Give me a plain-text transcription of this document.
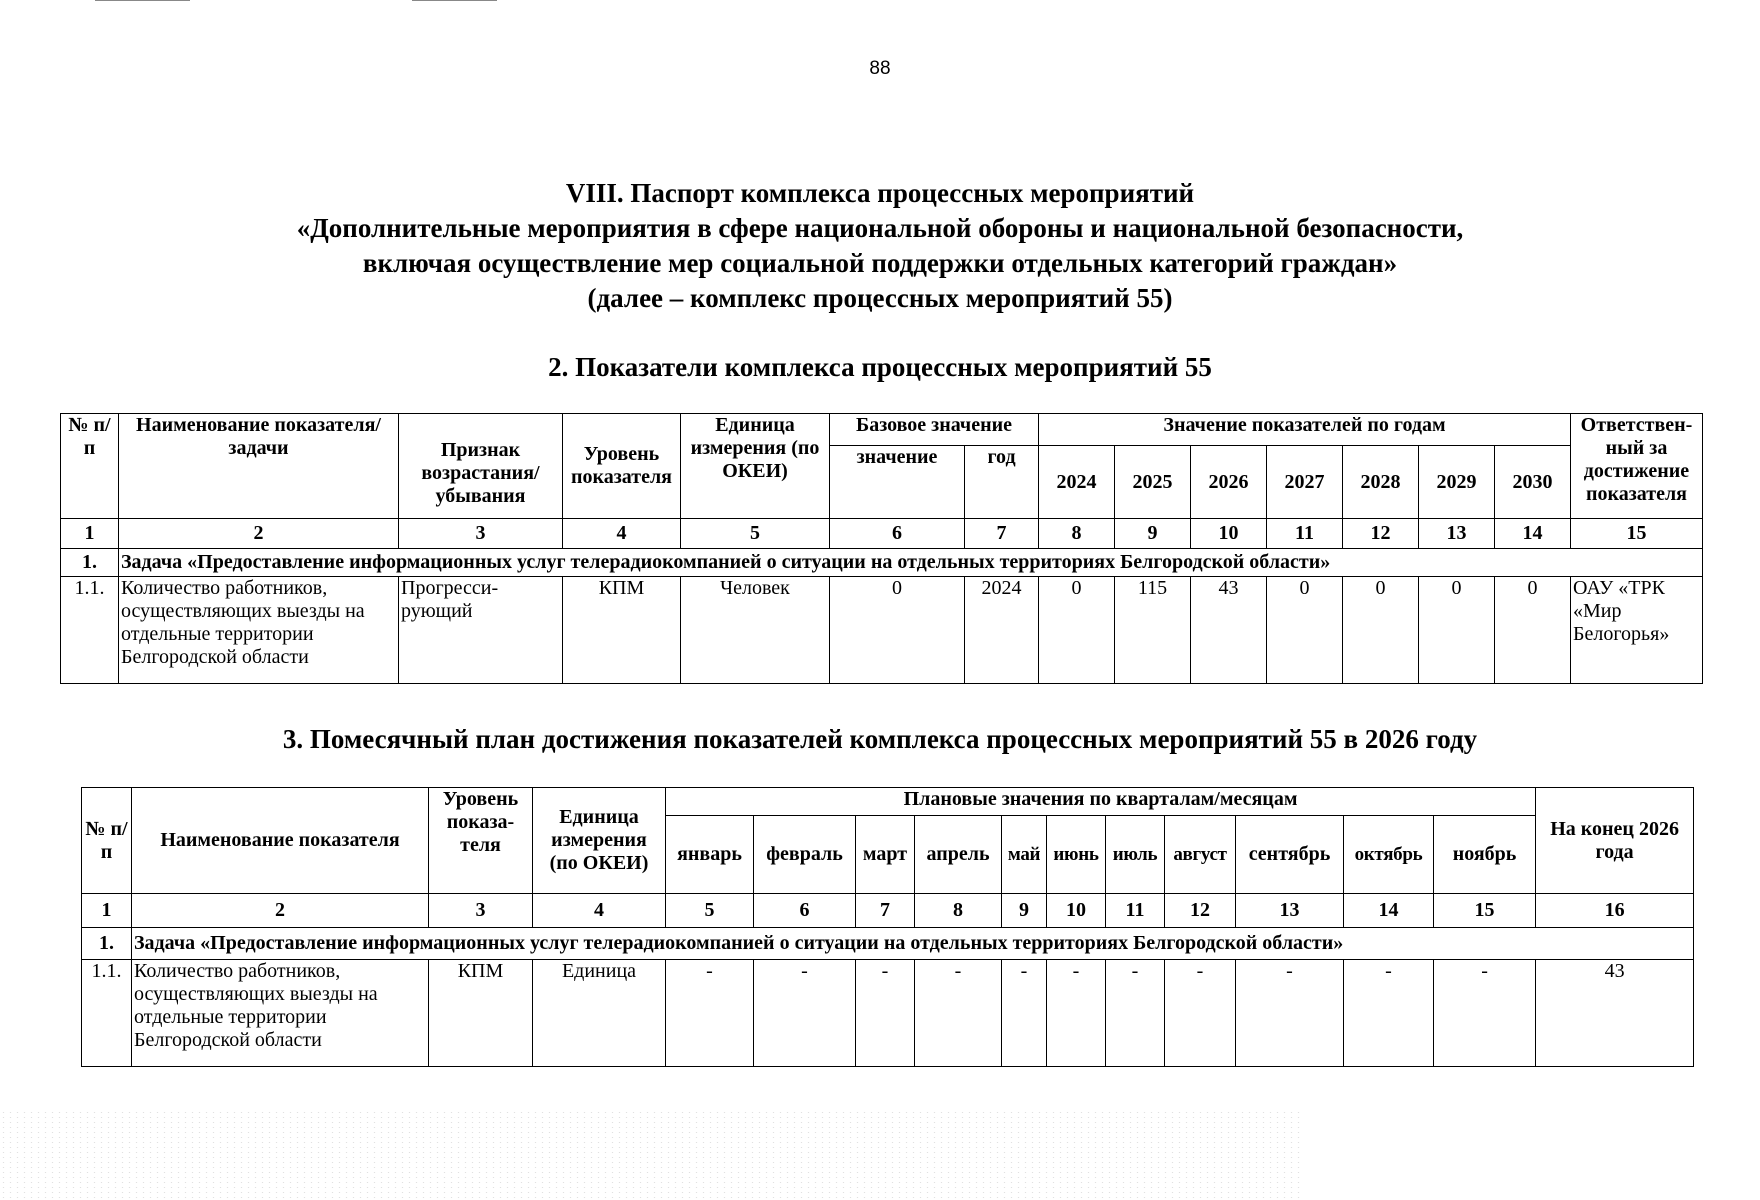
88
VIII. Паспорт комплекса процессных мероприятий
«Дополнительные мероприятия в сфере национальной обороны и национальной безопасности,
включая осуществление мер социальной поддержки отдельных категорий граждан»
(далее – комплекс процессных мероприятий 55)
2. Показатели комплекса процессных мероприятий 55
№ п/п	Наименование показателя/задачи	Признак возрастания/ убывания	Уровень показателя	Единица измерения (по ОКЕИ)	Базовое значение		Значение показателей по годам							Ответствен-ный за достижение показателя
					значение	год	2024	2025	2026	2027	2028	2029	2030	
1	2	3	4	5	6	7	8	9	10	11	12	13	14	15
1.	Задача «Предоставление информационных услуг телерадиокомпанией о ситуации на отдельных территориях Белгородской области»													
1.1.	Количество работников, осуществляющих выезды на отдельные территории Белгородской области	Прогресси-рующий	КПМ	Человек	0	2024	0	115	43	0	0	0	0	ОАУ «ТРК «Мир Белогорья»
3. Помесячный план достижения показателей комплекса процессных мероприятий 55 в 2026 году
№ п/п	Наименование показателя	Уровень показа-теля	Единица измерения (по ОКЕИ)	Плановые значения по кварталам/месяцам											На конец 2026 года
				январь	февраль	март	апрель	май	июнь	июль	август	сентябрь	октябрь	ноябрь	
1	2	3	4	5	6	7	8	9	10	11	12	13	14	15	16
1.	Задача «Предоставление информационных услуг телерадиокомпанией о ситуации на отдельных территориях Белгородской области»														
1.1.	Количество работников, осуществляющих выезды на отдельные территории Белгородской области	КПМ	Единица	-	-	-	-	-	-	-	-	-	-	-	43
